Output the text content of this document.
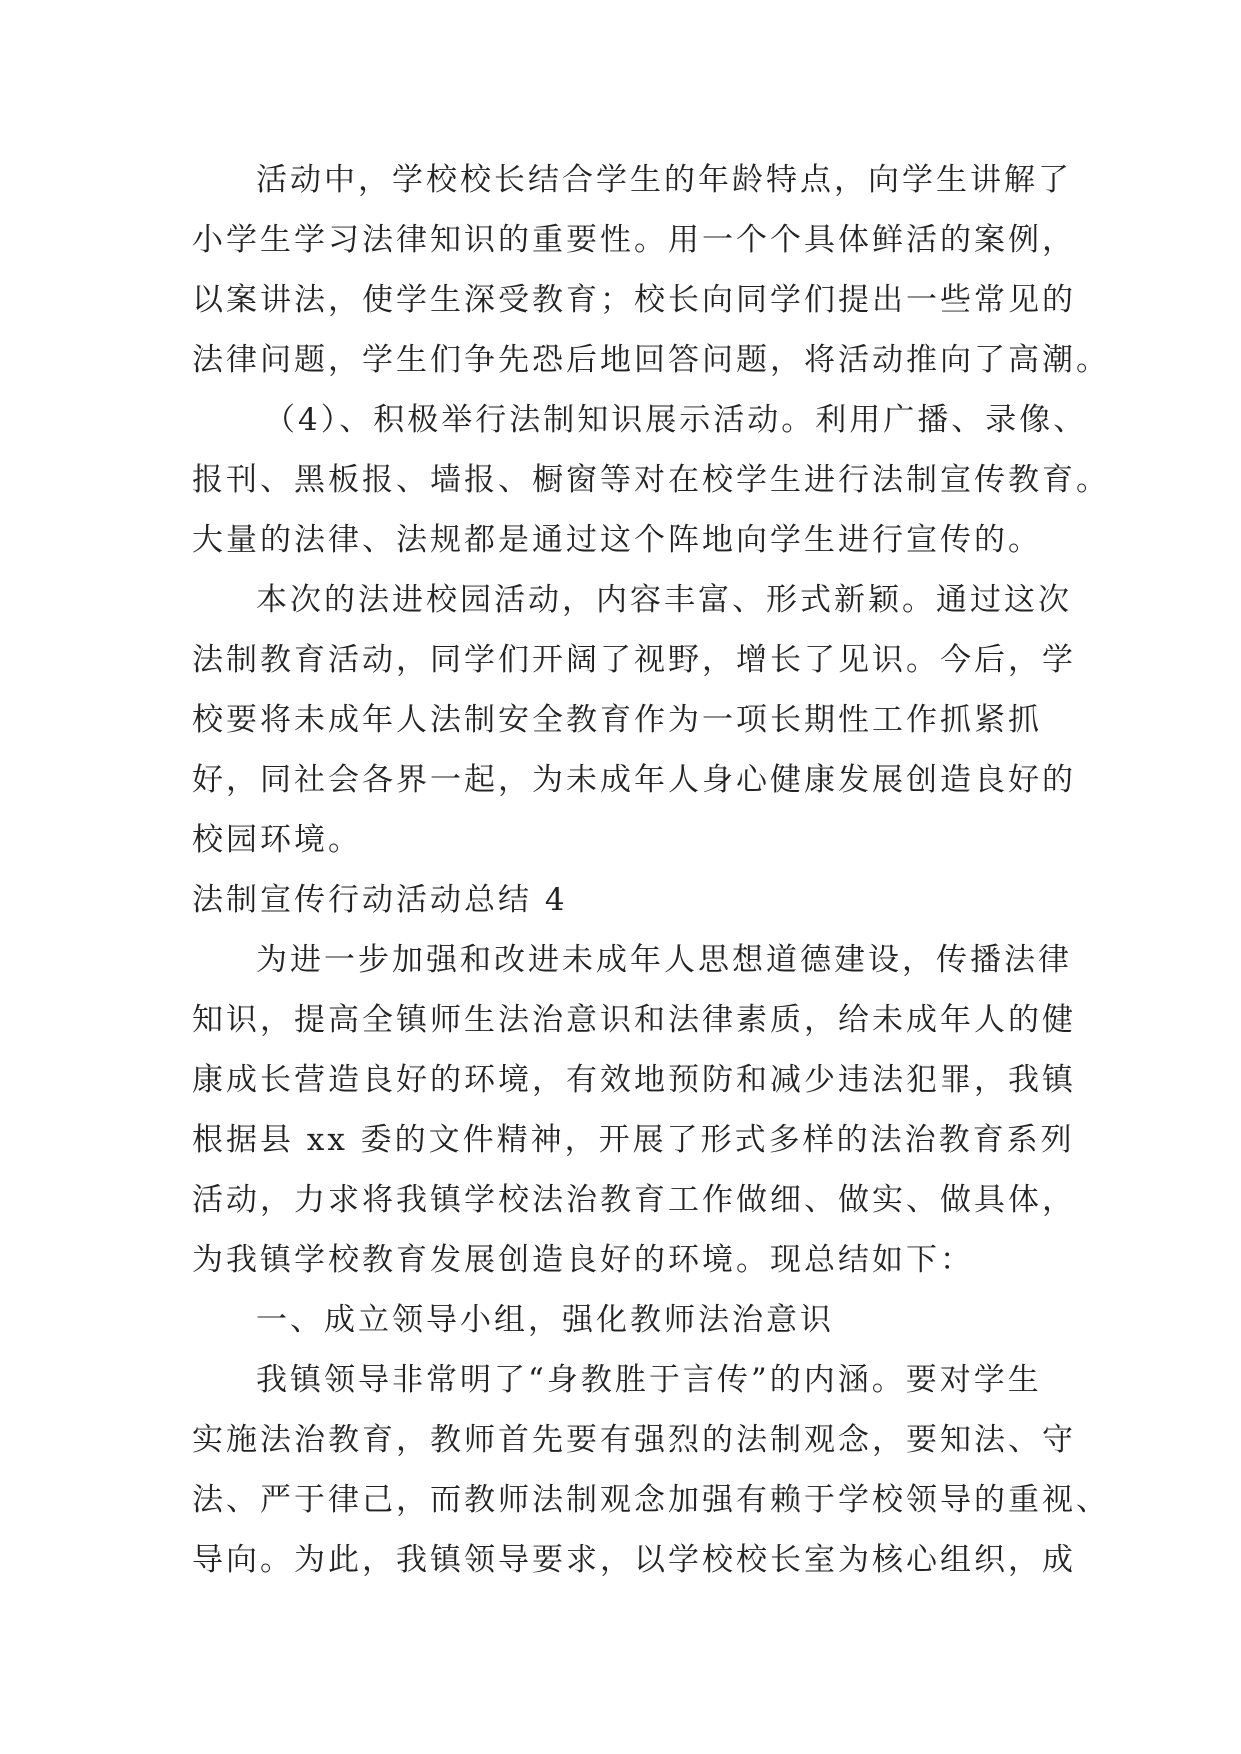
活动中，学校校长结合学生的年龄特点，向学生讲解了
小学生学习法律知识的重要性。用一个个具体鲜活的案例，
以案讲法，使学生深受教育；校长向同学们提出一些常见的
法律问题，学生们争先恐后地回答问题，将活动推向了高潮。
（4）、积极举行法制知识展示活动。利用广播、录像、
报刊、黑板报、墙报、橱窗等对在校学生进行法制宣传教育。
大量的法律、法规都是通过这个阵地向学生进行宣传的。
本次的法进校园活动，内容丰富、形式新颖。通过这次
法制教育活动，同学们开阔了视野，增长了见识。今后，学
校要将未成年人法制安全教育作为一项长期性工作抓紧抓
好，同社会各界一起，为未成年人身心健康发展创造良好的
校园环境。
法制宣传行动活动总结 4
为进一步加强和改进未成年人思想道德建设，传播法律
知识，提高全镇师生法治意识和法律素质，给未成年人的健
康成长营造良好的环境，有效地预防和减少违法犯罪，我镇
根据县 xx 委的文件精神，开展了形式多样的法治教育系列
活动，力求将我镇学校法治教育工作做细、做实、做具体，
为我镇学校教育发展创造良好的环境。现总结如下：
一、成立领导小组，强化教师法治意识
我镇领导非常明了“身教胜于言传”的内涵。要对学生
实施法治教育，教师首先要有强烈的法制观念，要知法、守
法、严于律己，而教师法制观念加强有赖于学校领导的重视、
导向。为此，我镇领导要求，以学校校长室为核心组织，成
